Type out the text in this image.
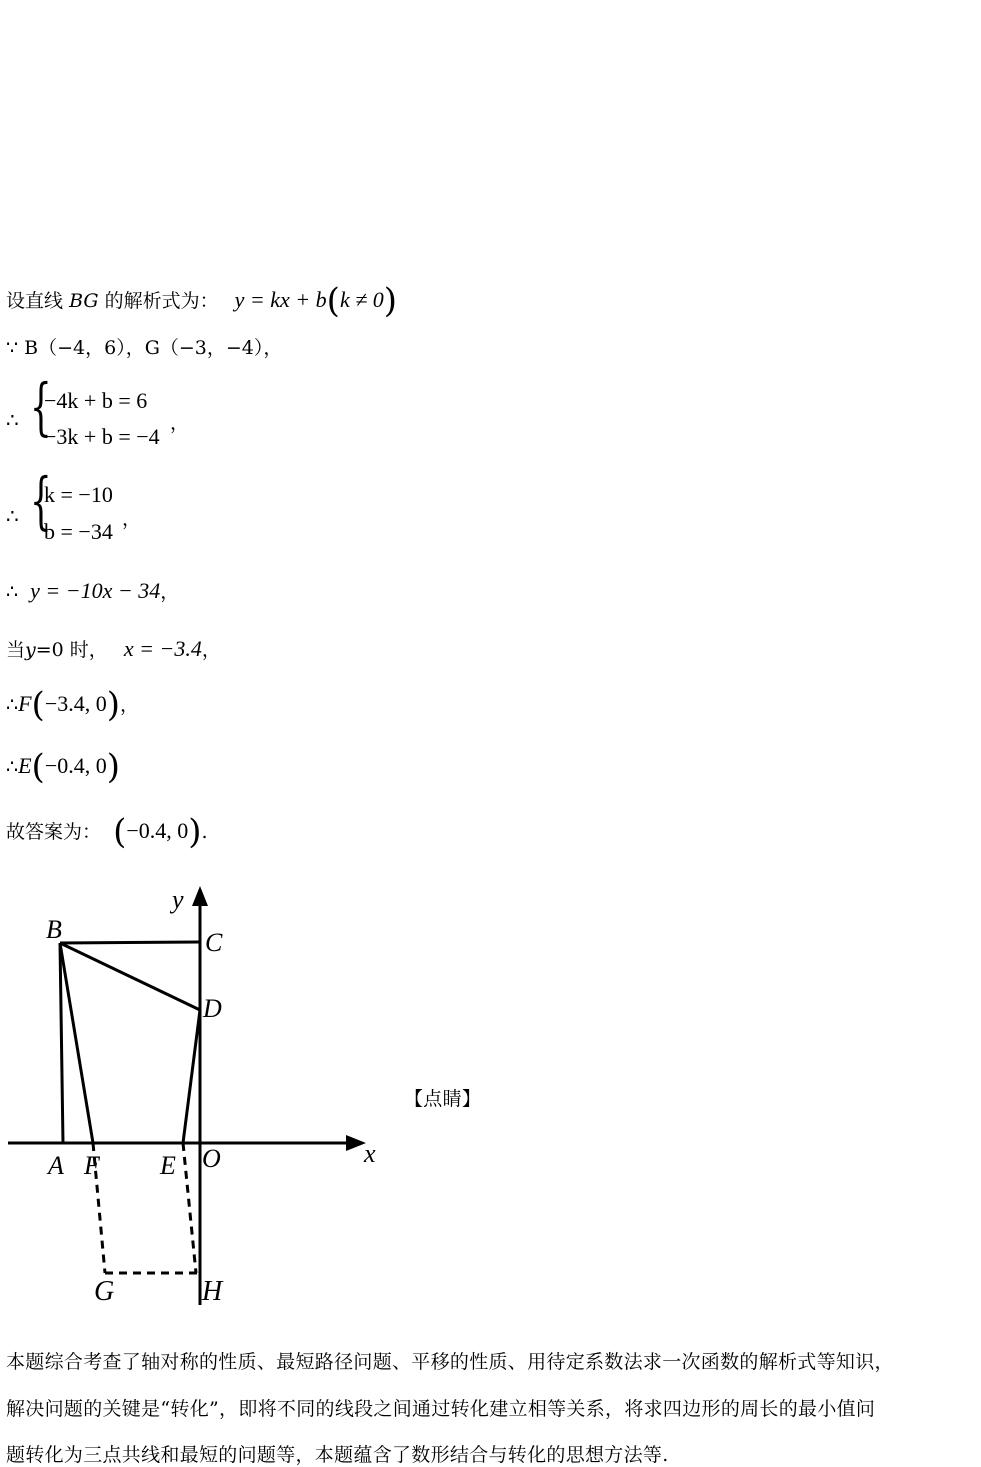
设直线 BG 的解析式为： y = kx + b(k ≠ 0)
∵ B（−4，6），G（−3，−4），
∴ {
−4k + b = 6
−3k + b = −4
，
∴ {
k = −10
b = −34 ，
∴ y = −10x − 34，
当y=0 时， x = −3.4，
∴F(−3.4, 0)，
∴E(−0.4, 0)
故答案为： (−0.4, 0).
y
x
B	C
D
A F E O
G	H
【点睛】
本题综合考查了轴对称的性质、最短路径问题、平移的性质、用待定系数法求一次函数的解析式等知识，
解决问题的关键是“转化”，即将不同的线段之间通过转化建立相等关系，将求四边形的周长的最小值问
题转化为三点共线和最短的问题等，本题蕴含了数形结合与转化的思想方法等.
